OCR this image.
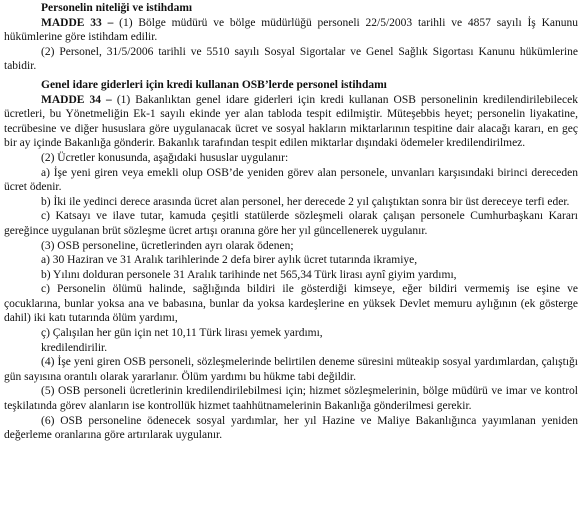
Personelin niteliği ve istihdamı

MADDE 33 – (1) Bölge müdürü ve bölge müdürlüğü personeli 22/5/2003 tarihli ve 4857 sayılı İş Kanunu hükümlerine göre istihdam edilir.

(2) Personel, 31/5/2006 tarihli ve 5510 sayılı Sosyal Sigortalar ve Genel Sağlık Sigortası Kanunu hükümlerine tabidir.

Genel idare giderleri için kredi kullanan OSB’lerde personel istihdamı

MADDE 34 – (1) Bakanlıktan genel idare giderleri için kredi kullanan OSB personelinin kredilendirilebilecek ücretleri, bu Yönetmeliğin Ek-1 sayılı ekinde yer alan tabloda tespit edilmiştir. Müteşebbis heyet; personelin liyakatine, tecrübesine ve diğer hususlara göre uygulanacak ücret ve sosyal hakların miktarlarının tespitine dair alacağı kararı, en geç bir ay içinde Bakanlığa gönderir. Bakanlık tarafından tespit edilen miktarlar dışındaki ödemeler kredilendirilmez.

(2) Ücretler konusunda, aşağıdaki hususlar uygulanır:

a) İşe yeni giren veya emekli olup OSB’de yeniden görev alan personele, unvanları karşısındaki birinci dereceden ücret ödenir.

b) İki ile yedinci derece arasında ücret alan personel, her derecede 2 yıl çalıştıktan sonra bir üst dereceye terfi eder.

c) Katsayı ve ilave tutar, kamuda çeşitli statülerde sözleşmeli olarak çalışan personele Cumhurbaşkanı Kararı gereğince uygulanan brüt sözleşme ücret artışı oranına göre her yıl güncellenerek uygulanır.

(3) OSB personeline, ücretlerinden ayrı olarak ödenen;

a) 30 Haziran ve 31 Aralık tarihlerinde 2 defa birer aylık ücret tutarında ikramiye,

b) Yılını dolduran personele 31 Aralık tarihinde net 565,34 Türk lirası aynî giyim yardımı,

c) Personelin ölümü halinde, sağlığında bildiri ile gösterdiği kimseye, eğer bildiri vermemiş ise eşine ve çocuklarına, bunlar yoksa ana ve babasına, bunlar da yoksa kardeşlerine en yüksek Devlet memuru aylığının (ek gösterge dahil) iki katı tutarında ölüm yardımı,

ç) Çalışılan her gün için net 10,11 Türk lirası yemek yardımı,

kredilendirilir.

(4) İşe yeni giren OSB personeli, sözleşmelerinde belirtilen deneme süresini müteakip sosyal yardımlardan, çalıştığı gün sayısına orantılı olarak yararlanır. Ölüm yardımı bu hükme tabi değildir.

(5) OSB personeli ücretlerinin kredilendirilebilmesi için; hizmet sözleşmelerinin, bölge müdürü ve imar ve kontrol teşkilatında görev alanların ise kontrollük hizmet taahhütnamelerinin Bakanlığa gönderilmesi gerekir.

(6) OSB personeline ödenecek sosyal yardımlar, her yıl Hazine ve Maliye Bakanlığınca yayımlanan yeniden değerleme oranlarına göre artırılarak uygulanır.
